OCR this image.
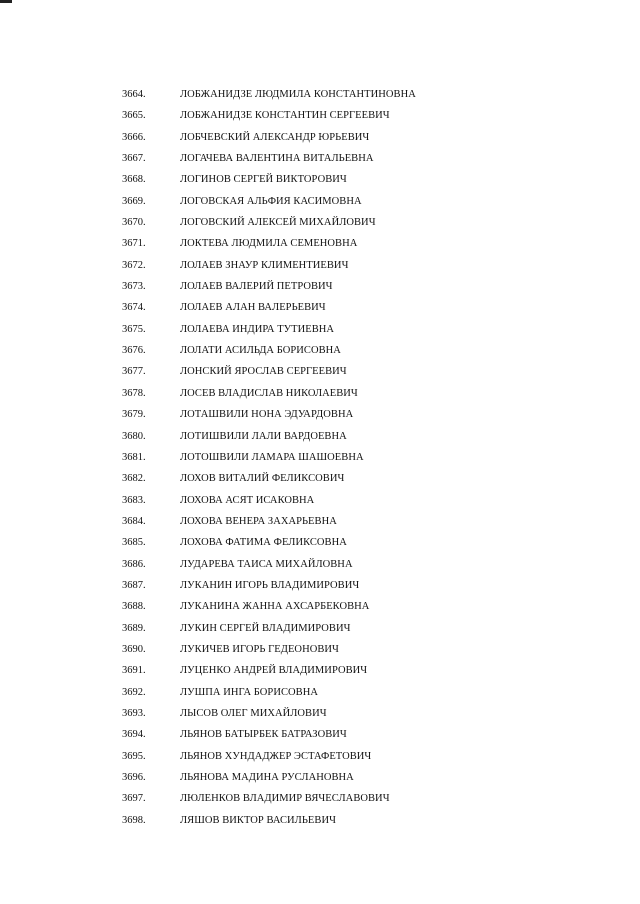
3664.	ЛОБЖАНИДЗЕ ЛЮДМИЛА КОНСТАНТИНОВНА
3665.	ЛОБЖАНИДЗЕ КОНСТАНТИН СЕРГЕЕВИЧ
3666.	ЛОБЧЕВСКИЙ АЛЕКСАНДР ЮРЬЕВИЧ
3667.	ЛОГАЧЕВА ВАЛЕНТИНА ВИТАЛЬЕВНА
3668.	ЛОГИНОВ СЕРГЕЙ ВИКТОРОВИЧ
3669.	ЛОГОВСКАЯ АЛЬФИЯ КАСИМОВНА
3670.	ЛОГОВСКИЙ АЛЕКСЕЙ МИХАЙЛОВИЧ
3671.	ЛОКТЕВА ЛЮДМИЛА СЕМЕНОВНА
3672.	ЛОЛАЕВ ЗНАУР КЛИМЕНТИЕВИЧ
3673.	ЛОЛАЕВ ВАЛЕРИЙ ПЕТРОВИЧ
3674.	ЛОЛАЕВ АЛАН ВАЛЕРЬЕВИЧ
3675.	ЛОЛАЕВА ИНДИРА ТУТИЕВНА
3676.	ЛОЛАТИ АСИЛЬДА БОРИСОВНА
3677.	ЛОНСКИЙ ЯРОСЛАВ СЕРГЕЕВИЧ
3678.	ЛОСЕВ ВЛАДИСЛАВ НИКОЛАЕВИЧ
3679.	ЛОТАШВИЛИ НОНА ЭДУАРДОВНА
3680.	ЛОТИШВИЛИ ЛАЛИ ВАРДОЕВНА
3681.	ЛОТОШВИЛИ ЛАМАРА ШАШОЕВНА
3682.	ЛОХОВ ВИТАЛИЙ ФЕЛИКСОВИЧ
3683.	ЛОХОВА АСЯТ ИСАКОВНА
3684.	ЛОХОВА ВЕНЕРА ЗАХАРЬЕВНА
3685.	ЛОХОВА ФАТИМА ФЕЛИКСОВНА
3686.	ЛУДАРЕВА ТАИСА МИХАЙЛОВНА
3687.	ЛУКАНИН ИГОРЬ ВЛАДИМИРОВИЧ
3688.	ЛУКАНИНА ЖАННА АХСАРБЕКОВНА
3689.	ЛУКИН СЕРГЕЙ ВЛАДИМИРОВИЧ
3690.	ЛУКИЧЕВ ИГОРЬ ГЕДЕОНОВИЧ
3691.	ЛУЦЕНКО АНДРЕЙ ВЛАДИМИРОВИЧ
3692.	ЛУШПА ИНГА БОРИСОВНА
3693.	ЛЫСОВ ОЛЕГ МИХАЙЛОВИЧ
3694.	ЛЬЯНОВ БАТЫРБЕК БАТРАЗОВИЧ
3695.	ЛЬЯНОВ ХУНДАДЖЕР ЭСТАФЕТОВИЧ
3696.	ЛЬЯНОВА МАДИНА РУСЛАНОВНА
3697.	ЛЮЛЕНКОВ ВЛАДИМИР ВЯЧЕСЛАВОВИЧ
3698.	ЛЯШОВ ВИКТОР ВАСИЛЬЕВИЧ
